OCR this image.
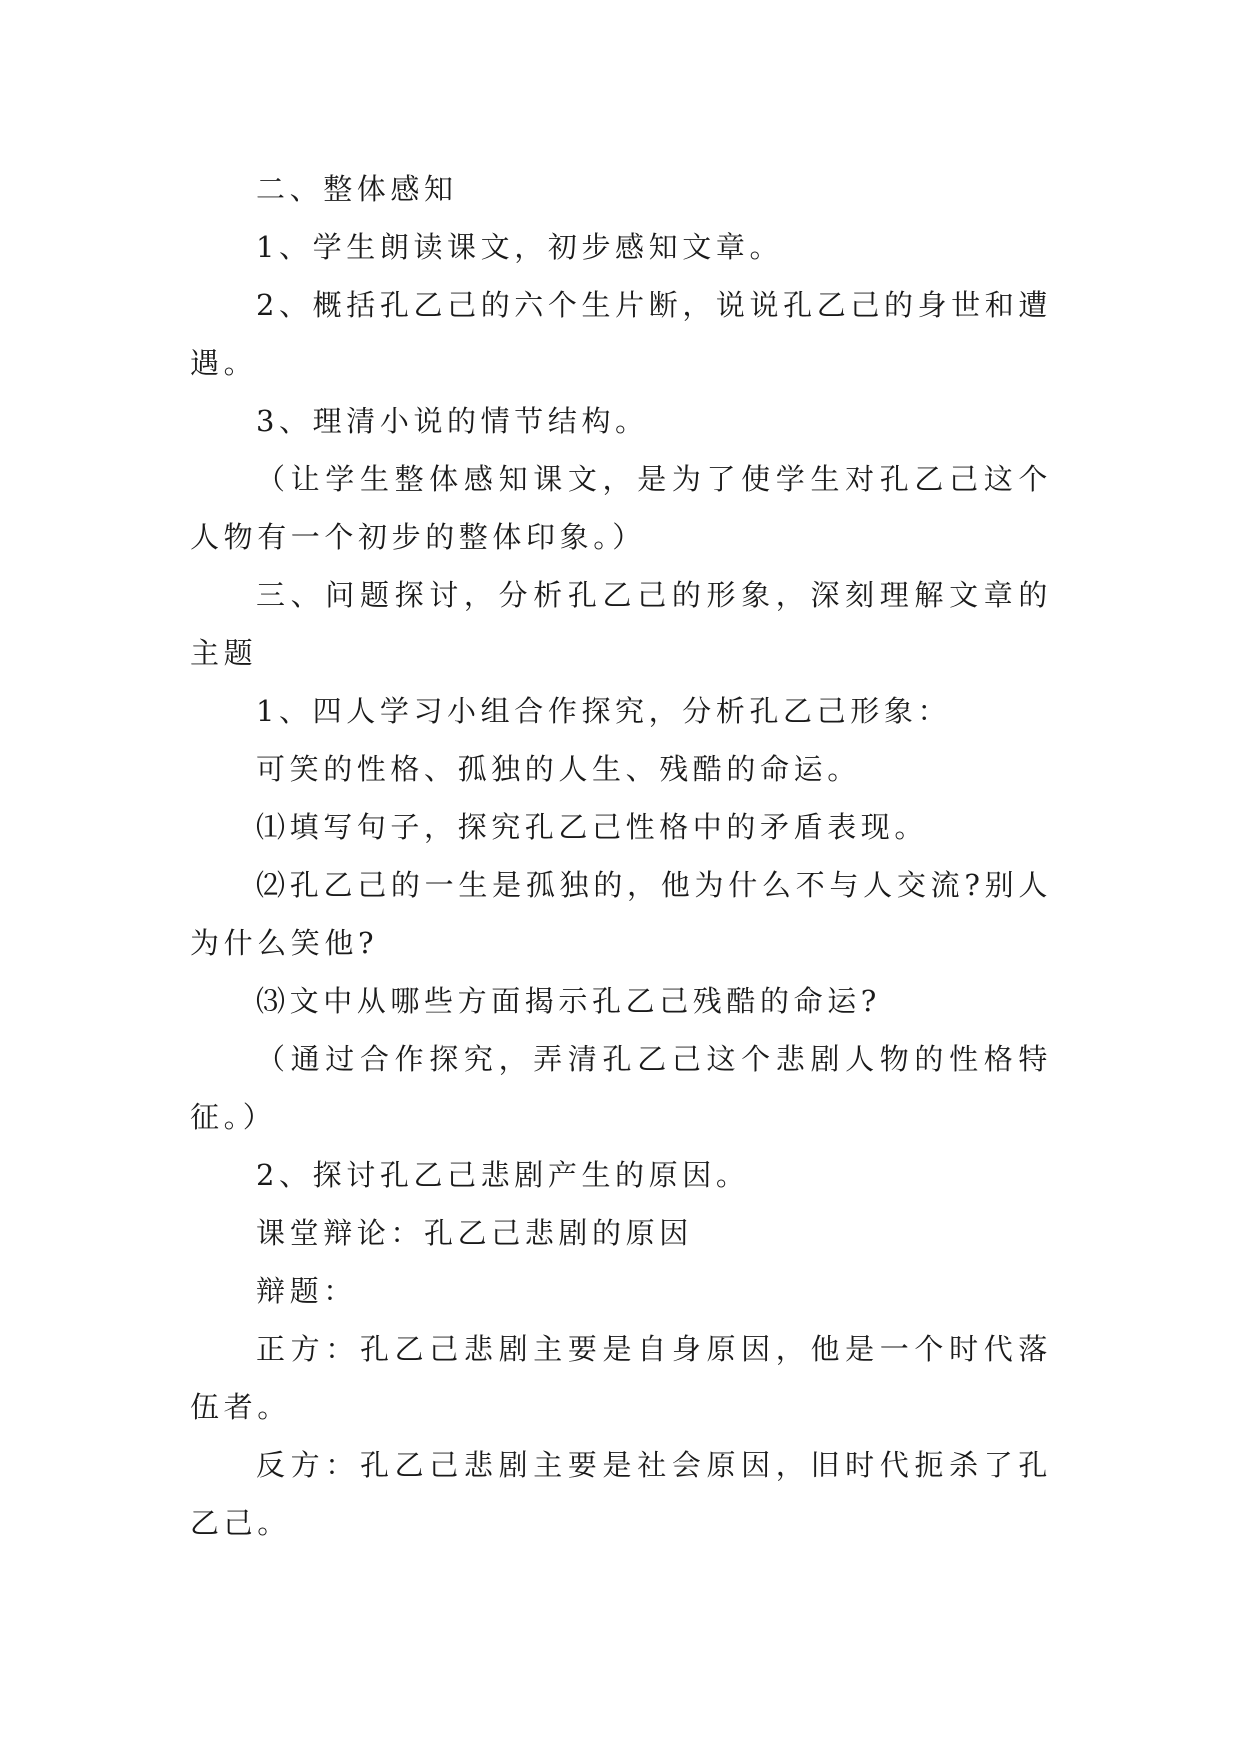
二、整体感知

1、学生朗读课文，初步感知文章。

2、概括孔乙己的六个生片断，说说孔乙己的身世和遭遇。

3、理清小说的情节结构。

（让学生整体感知课文，是为了使学生对孔乙己这个人物有一个初步的整体印象。）

三、问题探讨，分析孔乙己的形象，深刻理解文章的主题

1、四人学习小组合作探究，分析孔乙己形象：

可笑的性格、孤独的人生、残酷的命运。

⑴填写句子，探究孔乙己性格中的矛盾表现。

⑵孔乙己的一生是孤独的，他为什么不与人交流?别人为什么笑他?

⑶文中从哪些方面揭示孔乙己残酷的命运?

（通过合作探究，弄清孔乙己这个悲剧人物的性格特征。）

2、探讨孔乙己悲剧产生的原因。

课堂辩论：孔乙己悲剧的原因

辩题：

正方：孔乙己悲剧主要是自身原因，他是一个时代落伍者。

反方：孔乙己悲剧主要是社会原因，旧时代扼杀了孔乙己。
